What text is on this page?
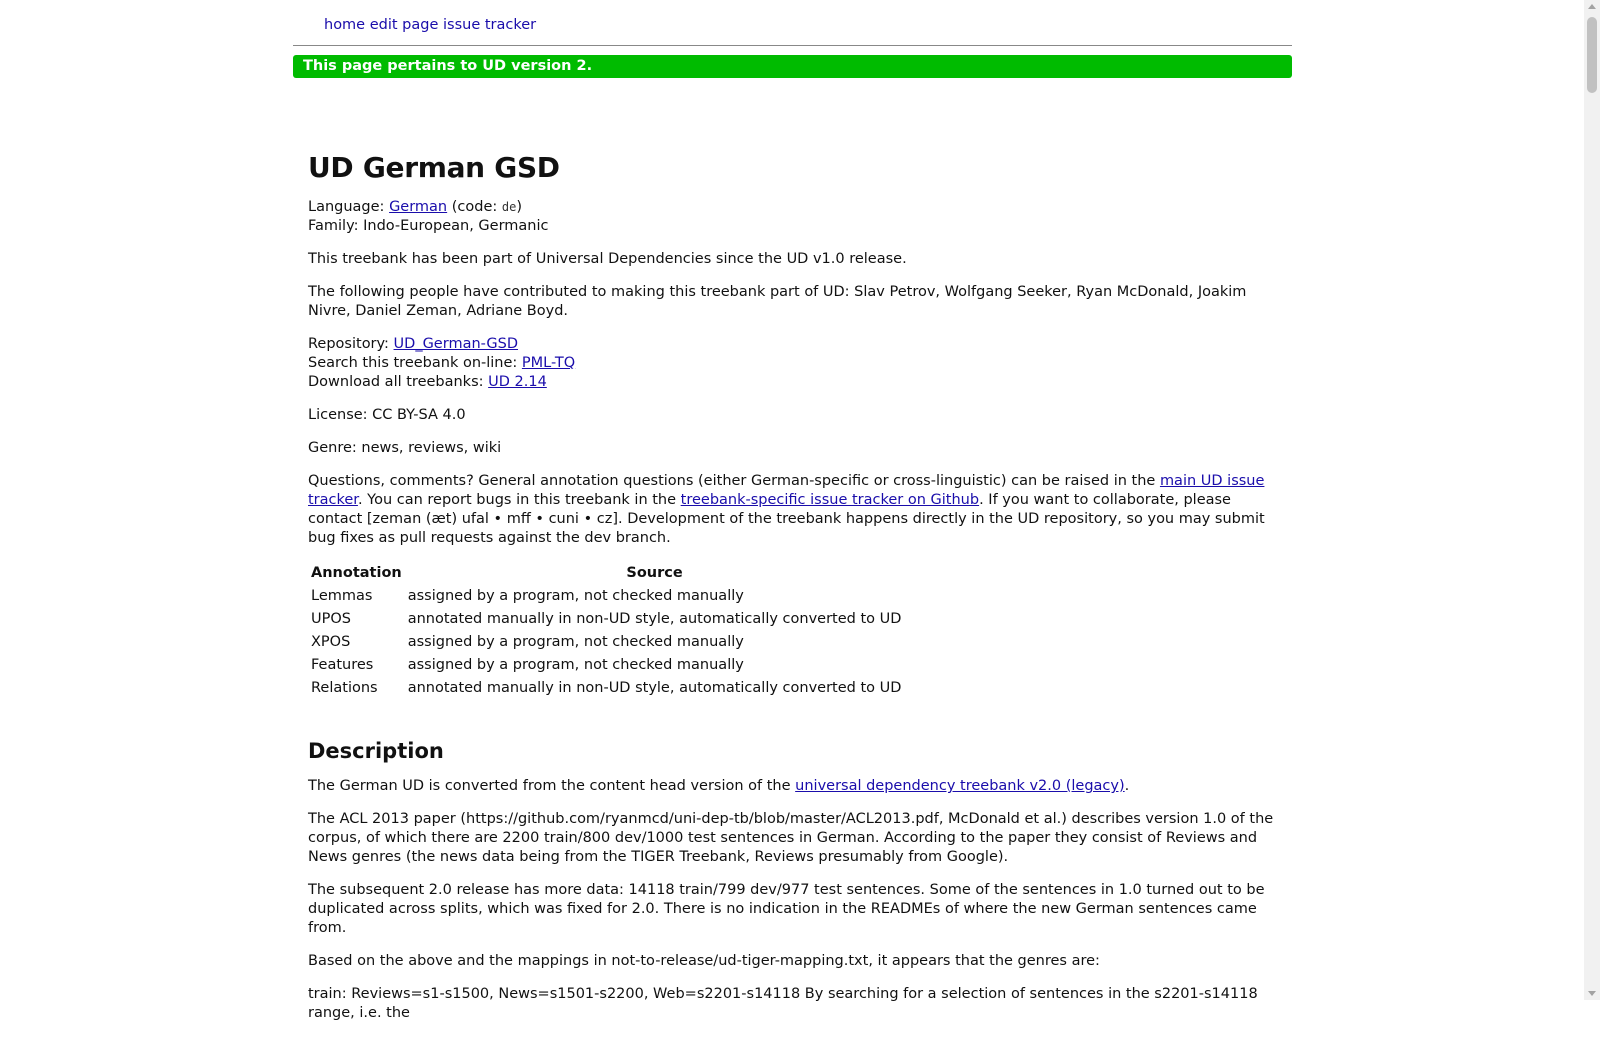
home edit page issue tracker
This page pertains to UD version 2.
UD German GSD
Language: German (code: de)
Family: Indo-European, Germanic

This treebank has been part of Universal Dependencies since the UD v1.0 release.

The following people have contributed to making this treebank part of UD: Slav Petrov, Wolfgang Seeker, Ryan McDonald, Joakim Nivre, Daniel Zeman, Adriane Boyd.

Repository: UD_German-GSD
Search this treebank on-line: PML-TQ
Download all treebanks: UD 2.14

License: CC BY-SA 4.0

Genre: news, reviews, wiki

Questions, comments? General annotation questions (either German-specific or cross-linguistic) can be raised in the main UD issue tracker. You can report bugs in this treebank in the treebank-specific issue tracker on Github. If you want to collaborate, please contact [zeman (æt) ufal • mff • cuni • cz]. Development of the treebank happens directly in the UD repository, so you may submit bug fixes as pull requests against the dev branch.

Annotation	Source
Lemmas	assigned by a program, not checked manually
UPOS	annotated manually in non-UD style, automatically converted to UD
XPOS	assigned by a program, not checked manually
Features	assigned by a program, not checked manually
Relations	annotated manually in non-UD style, automatically converted to UD
Description

The German UD is converted from the content head version of the universal dependency treebank v2.0 (legacy).

The ACL 2013 paper (https://github.com/ryanmcd/uni-dep-tb/blob/master/ACL2013.pdf, McDonald et al.) describes version 1.0 of the corpus, of which there are 2200 train/800 dev/1000 test sentences in German. According to the paper they consist of Reviews and News genres (the news data being from the TIGER Treebank, Reviews presumably from Google).

The subsequent 2.0 release has more data: 14118 train/799 dev/977 test sentences. Some of the sentences in 1.0 turned out to be duplicated across splits, which was fixed for 2.0. There is no indication in the READMEs of where the new German sentences came from.

Based on the above and the mappings in not-to-release/ud-tiger-mapping.txt, it appears that the genres are:

train: Reviews=s1-s1500, News=s1501-s2200, Web=s2201-s14118 By searching for a selection of sentences in the s2201-s14118 range, i.e. the
